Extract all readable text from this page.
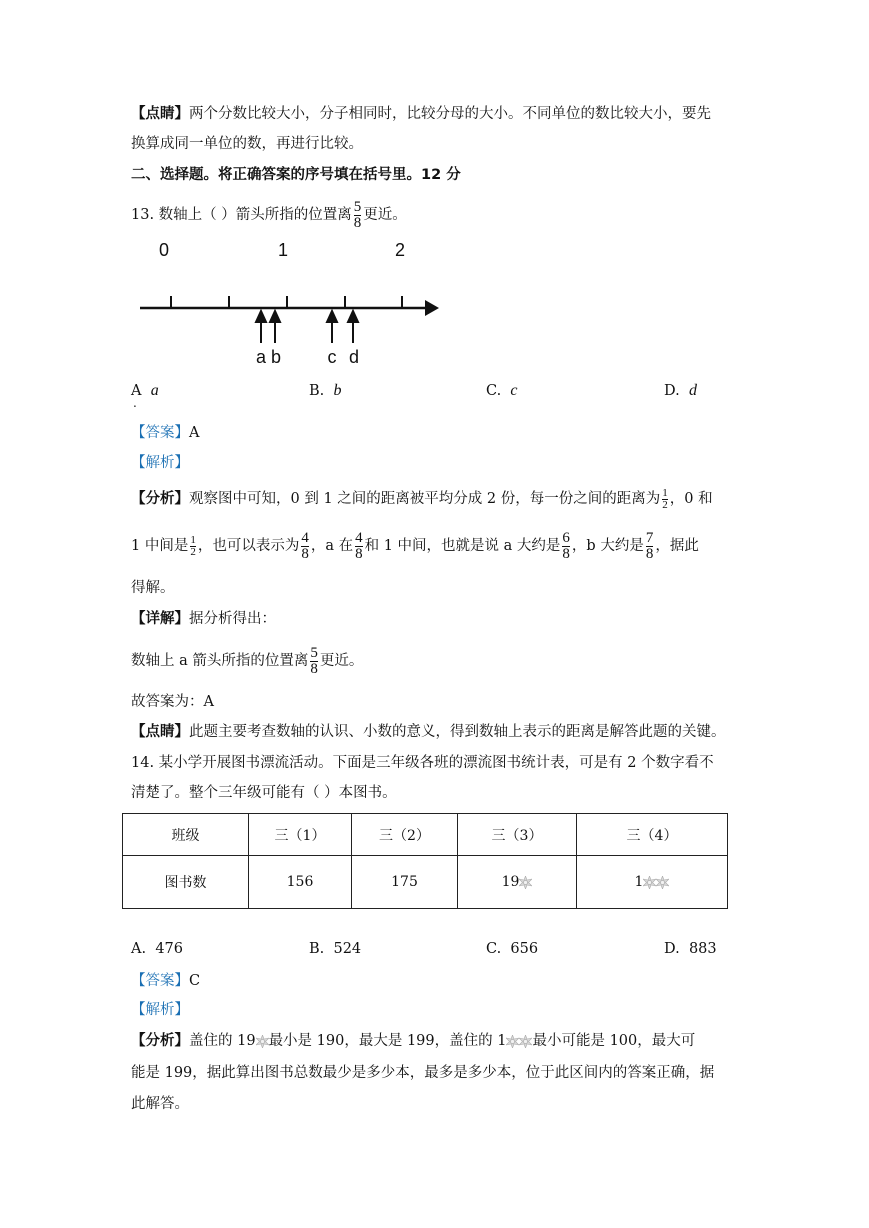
【点睛】两个分数比较大小，分子相同时，比较分母的大小。不同单位的数比较大小，要先
换算成同一单位的数，再进行比较。
二、选择题。将正确答案的序号填在括号里。12 分
13. 数轴上（ ）箭头所指的位置离 $\frac{5}{8}$ 更近。
0	1	2
a b	c d
A
.
a	B. b	C. c	D. d
【答案】A
【解析】
【分析】观察图中可知，0 到 1 之间的距离被平均分成 2 份，每一份之间的距离为 $\frac{1}{2}$ ，0 和
1 中间是 $\frac{1}{2}$ ，也可以表示为 $\frac{4}{8}$ ，a 在 $\frac{4}{8}$ 和 1 中间，也就是说 a 大约是 $\frac{6}{8}$ ，b 大约是 $\frac{7}{8}$ ，据此
得解。
【详解】据分析得出：
数轴上 a 箭头所指的位置离 $\frac{5}{8}$ 更近。
故答案为：A
【点睛】此题主要考查数轴的认识、小数的意义，得到数轴上表示的距离是解答此题的关键。
14. 某小学开展图书漂流活动。下面是三年级各班的漂流图书统计表，可是有 2 个数字看不
清楚了。整个三年级可能有（ ）本图书。
班级	三（1）	三（2）	三（3）	三（4）
图书数	156	175	19	1
A. 476	B. 524	C. 656	D. 883
【答案】C
【解析】
【分析】盖住的 19 最小是 190，最大是 199，盖住的 1 最小可能是 100，最大可
能是 199，据此算出图书总数最少是多少本，最多是多少本，位于此区间内的答案正确，据
此解答。
